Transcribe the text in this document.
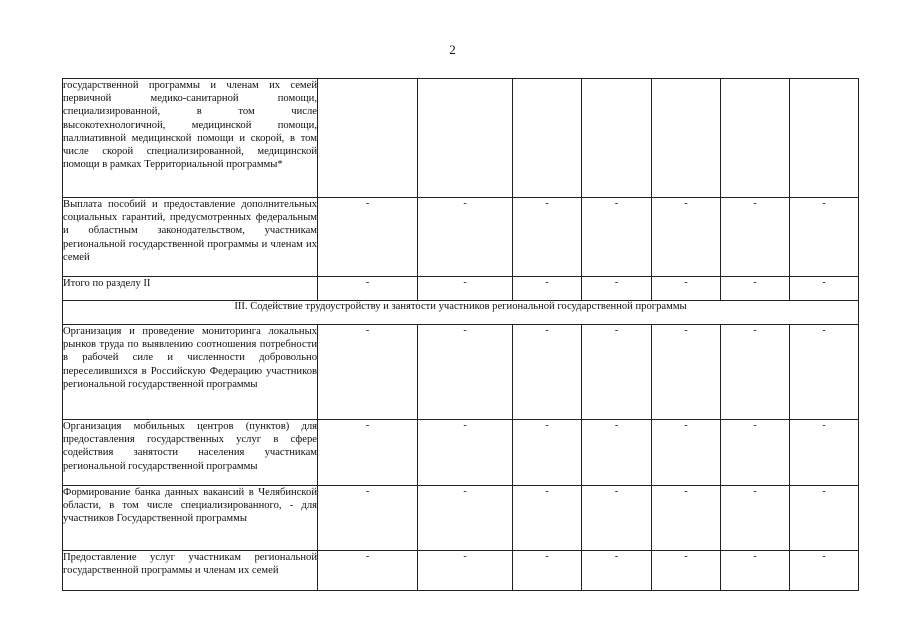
2
государственной программы и членам их семей первичной медико-санитарной помощи, специализированной, в том числе высокотехнологичной, медицинской помощи, паллиативной медицинской помощи и скорой, в том числе скорой специализированной, медицинской помощи в рамках Территориальной программы*							
Выплата пособий и предоставление дополнительных социальных гарантий, предусмотренных федеральным и областным законодательством, участникам региональной государственной программы и членам их семей	-	-	-	-	-	-	-
Итого по разделу II	-	-	-	-	-	-	-
III. Содействие трудоустройству и занятости участников региональной государственной программы							
Организация и проведение мониторинга локальных рынков труда по выявлению соотношения потребности в рабочей силе и численности добровольно переселившихся в Российскую Федерацию участников региональной государственной программы	-	-	-	-	-	-	-
Организация мобильных центров (пунктов) для предоставления государственных услуг в сфере содействия занятости населения участникам региональной государственной программы	-	-	-	-	-	-	-
Формирование банка данных вакансий в Челябинской области, в том числе специализированного, - для участников Государственной программы	-	-	-	-	-	-	-
Предоставление услуг участникам региональной государственной программы и членам их семей	-	-	-	-	-	-	-
